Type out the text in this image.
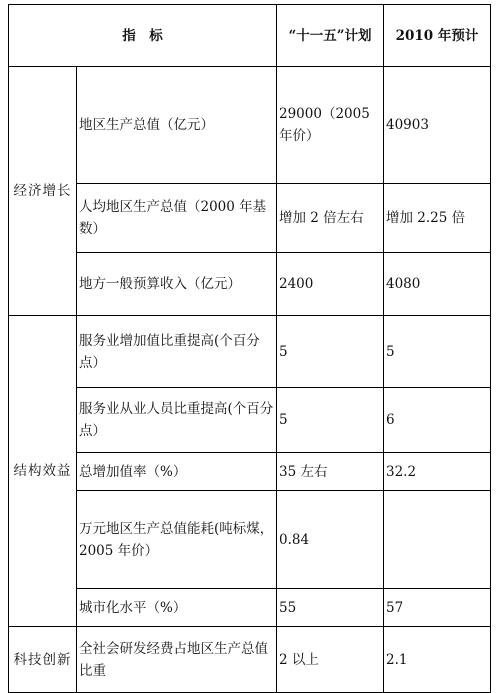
指　标		“十一五”计划	2010 年预计
经济增长	地区生产总值（亿元）	29000（2005 年价）	40903
	人均地区生产总值（2000 年基数）	增加 2 倍左右	增加 2.25 倍
	地方一般预算收入（亿元）	2400	4080
结构效益	服务业增加值比重提高(个百分点）	5	5
	服务业从业人员比重提高(个百分点）	5	6
	总增加值率（%）	35 左右	32.2
	万元地区生产总值能耗(吨标煤，2005 年价）	0.84	
	城市化水平（%）	55	57
科技创新	全社会研发经费占地区生产总值比重	2 以上	2.1
